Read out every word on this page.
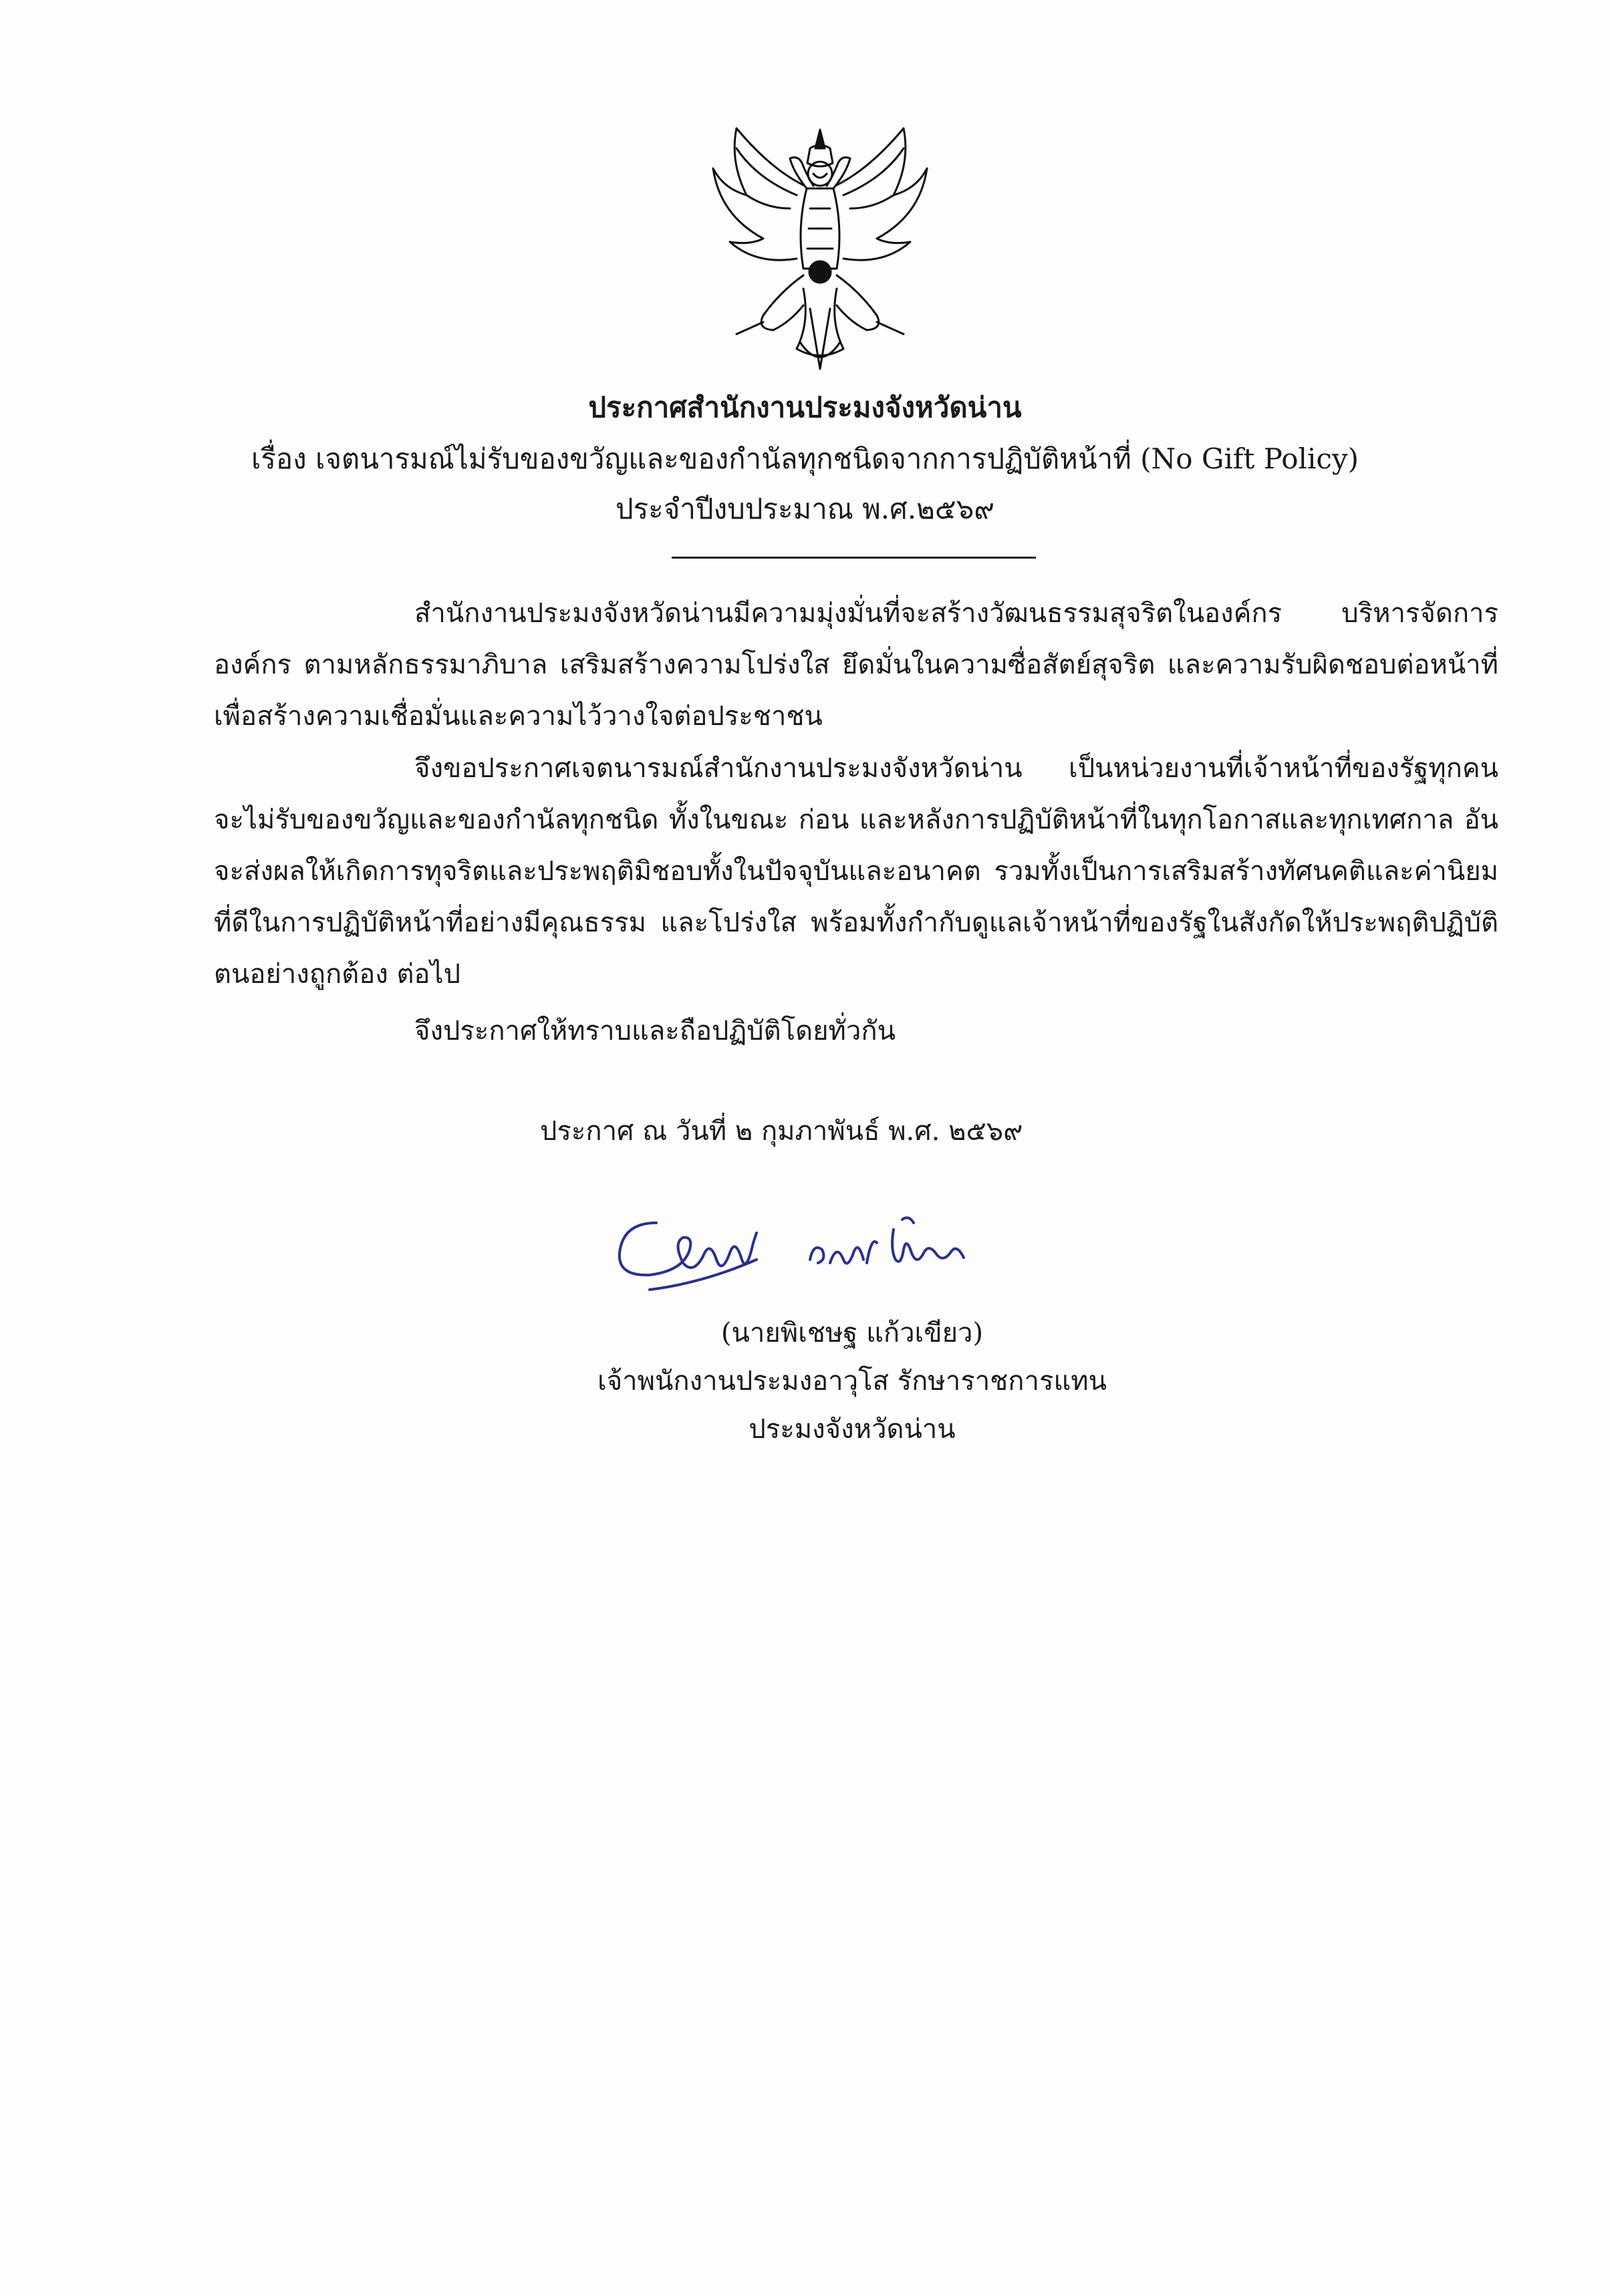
ประกาศสำนักงานประมงจังหวัดน่าน
เรื่อง เจตนารมณ์ไม่รับของขวัญและของกำนัลทุกชนิดจากการปฏิบัติหน้าที่ (No Gift Policy)
ประจำปีงบประมาณ พ.ศ.๒๕๖๙
สำนักงานประมงจังหวัดน่านมีความมุ่งมั่นที่จะสร้างวัฒนธรรมสุจริตในองค์กร บริหารจัดการองค์กร ตามหลักธรรมาภิบาล เสริมสร้างความโปร่งใส ยึดมั่นในความซื่อสัตย์สุจริต และความรับผิดชอบต่อหน้าที่ เพื่อสร้างความเชื่อมั่นและความไว้วางใจต่อประชาชน
จึงขอประกาศเจตนารมณ์สำนักงานประมงจังหวัดน่าน เป็นหน่วยงานที่เจ้าหน้าที่ของรัฐทุกคน จะไม่รับของขวัญและของกำนัลทุกชนิด ทั้งในขณะ ก่อน และหลังการปฏิบัติหน้าที่ในทุกโอกาสและทุกเทศกาล อันจะส่งผลให้เกิดการทุจริตและประพฤติมิชอบทั้งในปัจจุบันและอนาคต รวมทั้งเป็นการเสริมสร้างทัศนคติและค่านิยมที่ดีในการปฏิบัติหน้าที่อย่างมีคุณธรรม และโปร่งใส พร้อมทั้งกำกับดูแลเจ้าหน้าที่ของรัฐในสังกัดให้ประพฤติปฏิบัติตนอย่างถูกต้อง ต่อไป
จึงประกาศให้ทราบและถือปฏิบัติโดยทั่วกัน
ประกาศ ณ วันที่ ๒ กุมภาพันธ์ พ.ศ. ๒๕๖๙
(นายพิเชษฐ แก้วเขียว)
เจ้าพนักงานประมงอาวุโส รักษาราชการแทน
ประมงจังหวัดน่าน
